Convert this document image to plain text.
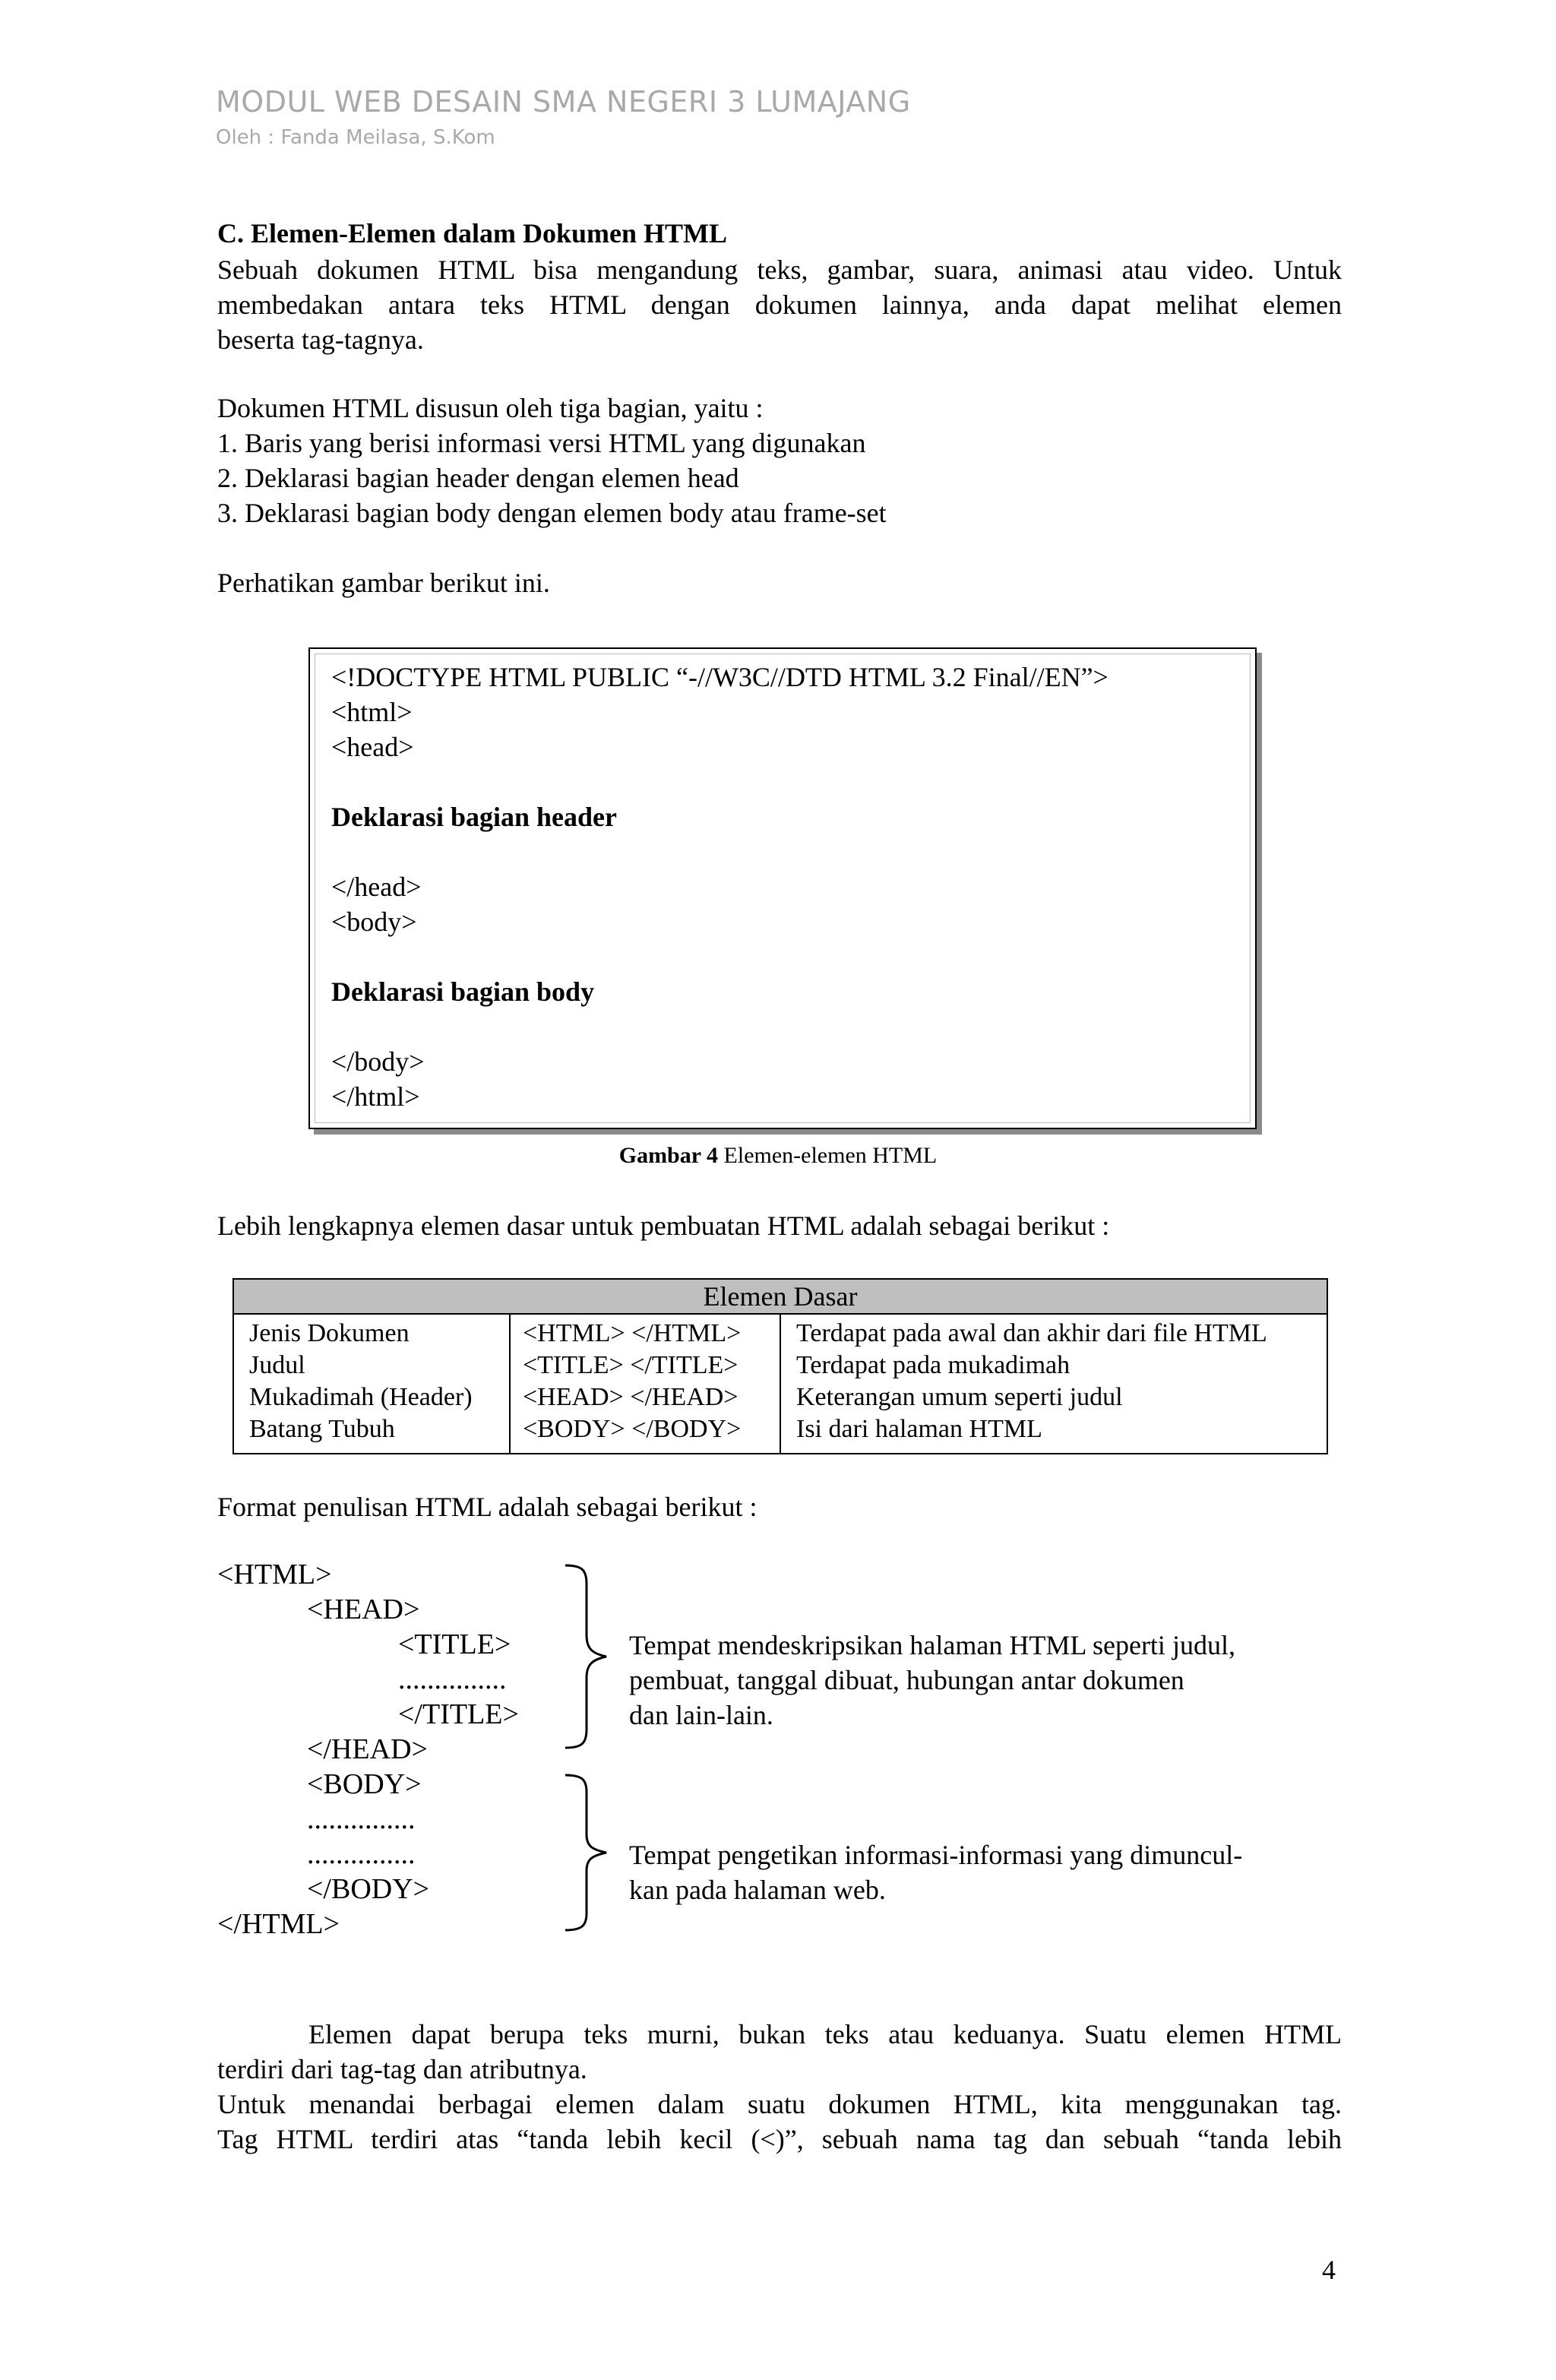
MODUL WEB DESAIN SMA NEGERI 3 LUMAJANG
Oleh : Fanda Meilasa, S.Kom
C. Elemen-Elemen dalam Dokumen HTML
Sebuah dokumen HTML bisa mengandung teks, gambar, suara, animasi atau video. Untuk
membedakan antara teks HTML dengan dokumen lainnya, anda dapat melihat elemen
beserta tag-tagnya.
Dokumen HTML disusun oleh tiga bagian, yaitu :
1. Baris yang berisi informasi versi HTML yang digunakan
2. Deklarasi bagian header dengan elemen head
3. Deklarasi bagian body dengan elemen body atau frame-set
Perhatikan gambar berikut ini.
<!DOCTYPE HTML PUBLIC “-//W3C//DTD HTML 3.2 Final//EN”>
<html>
<head>
Deklarasi bagian header
</head>
<body>
Deklarasi bagian body
</body>
</html>
Gambar 4 Elemen-elemen HTML
Lebih lengkapnya elemen dasar untuk pembuatan HTML adalah sebagai berikut :
Elemen Dasar
Jenis Dokumen
Judul
Mukadimah (Header)
Batang Tubuh
<HTML> </HTML>
<TITLE> </TITLE>
<HEAD> </HEAD>
<BODY> </BODY>
Terdapat pada awal dan akhir dari file HTML
Terdapat pada mukadimah
Keterangan umum seperti judul
Isi dari halaman HTML
Format penulisan HTML adalah sebagai berikut :
<HTML>
<HEAD>
<TITLE>
...............
</TITLE>
</HEAD>
<BODY>
...............
...............
</BODY>
</HTML>
Tempat mendeskripsikan halaman HTML seperti judul,
pembuat, tanggal dibuat, hubungan antar dokumen
dan lain-lain.
Tempat pengetikan informasi-informasi yang dimuncul-
kan pada halaman web.
Elemen dapat berupa teks murni, bukan teks atau keduanya. Suatu elemen HTML
terdiri dari tag-tag dan atributnya.
Untuk menandai berbagai elemen dalam suatu dokumen HTML, kita menggunakan tag.
Tag HTML terdiri atas “tanda lebih kecil (<)”, sebuah nama tag dan sebuah “tanda lebih
4
